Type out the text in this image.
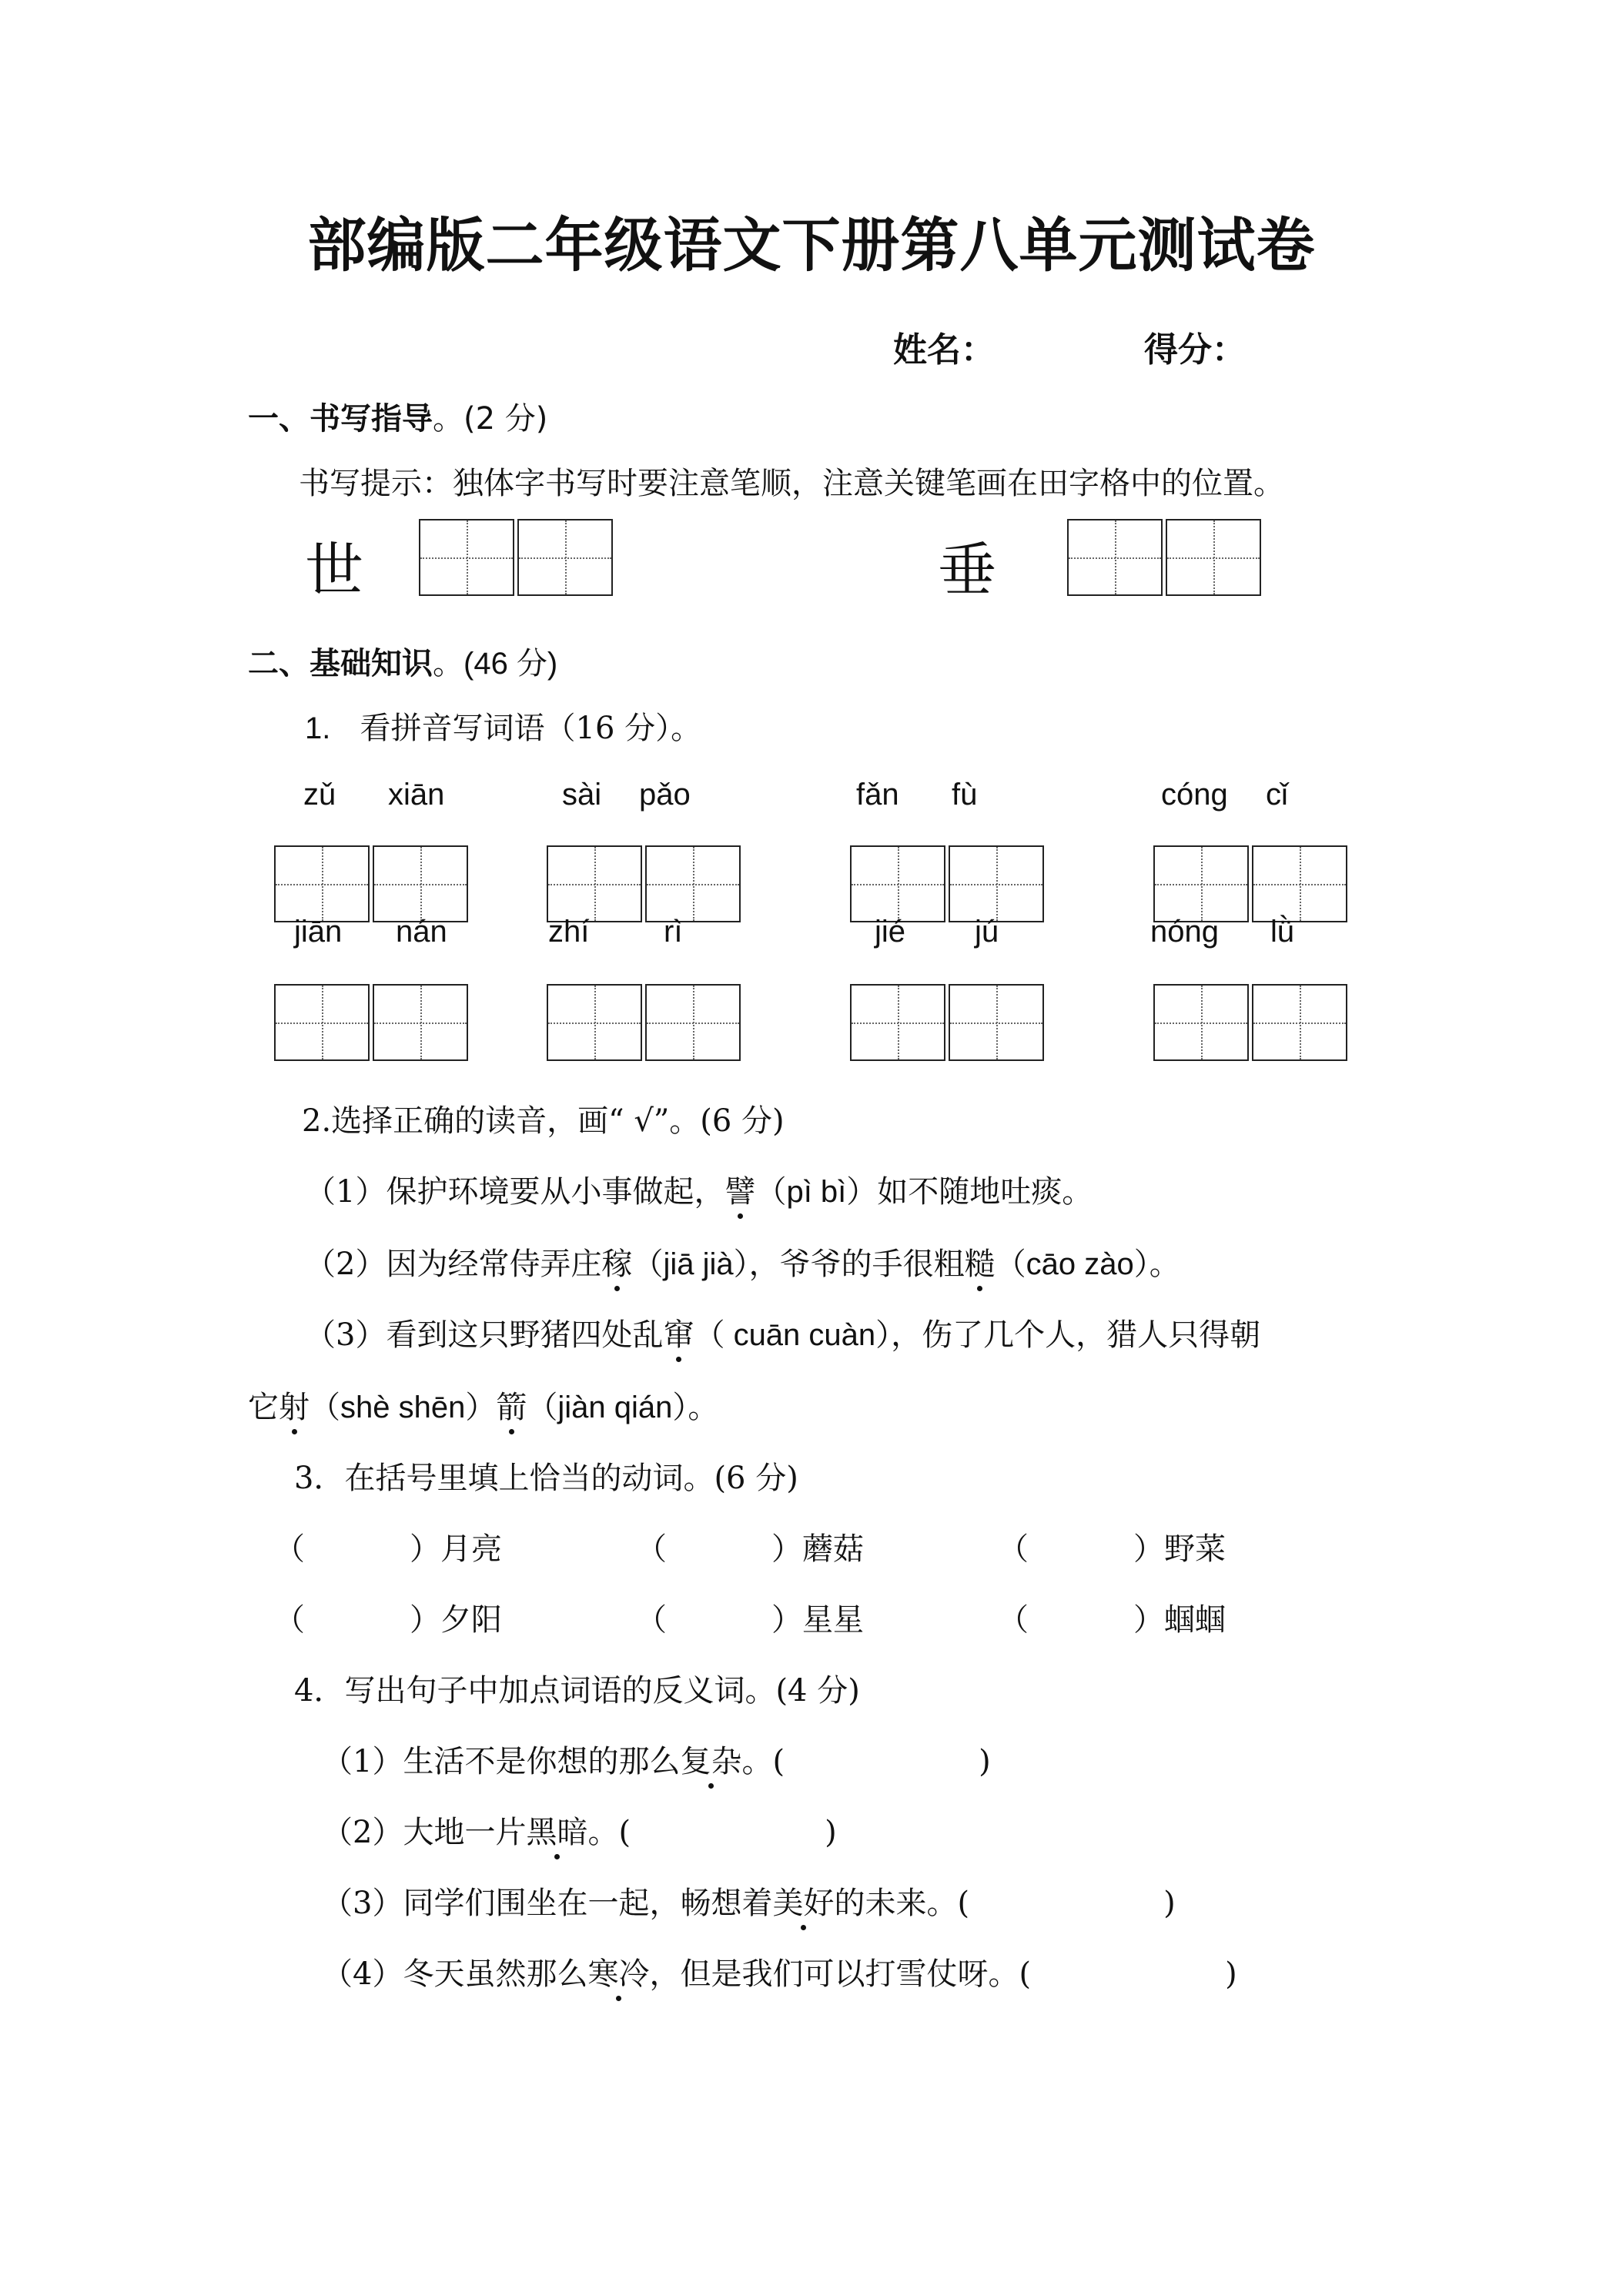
部编版二年级语文下册第八单元测试卷
姓名：	得分：
一、书写指导。(2 分)
书写提示：独体字书写时要注意笔顺，注意关键笔画在田字格中的位置。
世	垂
二、基础知识。(46 分)
1. 看拼音写词语（16 分）。
zǔ xiān	sài pǎo	fǎn fù	cóng cǐ
jiān nán	zhí rì	jié jú	nóng lǜ
2.选择正确的读音，画“ √”。(6 分)
（1）保护环境要从小事做起，譬（pì bì）如不随地吐痰。
（2）因为经常侍弄庄稼（jiā jià），爷爷的手很粗糙（cāo zào）。
（3）看到这只野猪四处乱窜（ cuān cuàn），伤了几个人，猎人只得朝
它射（shè shēn）箭（jiàn qián）。
3．在括号里填上恰当的动词。(6 分)
（	）月亮	（	）蘑菇	（	）野菜
（	）夕阳	（	）星星	（	）蝈蝈
4．写出句子中加点词语的反义词。(4 分)
（1）生活不是你想的那么复杂。(	)
（2）大地一片黑暗。(	)
（3）同学们围坐在一起，畅想着美好的未来。(	)
（4）冬天虽然那么寒冷，但是我们可以打雪仗呀。(	)
